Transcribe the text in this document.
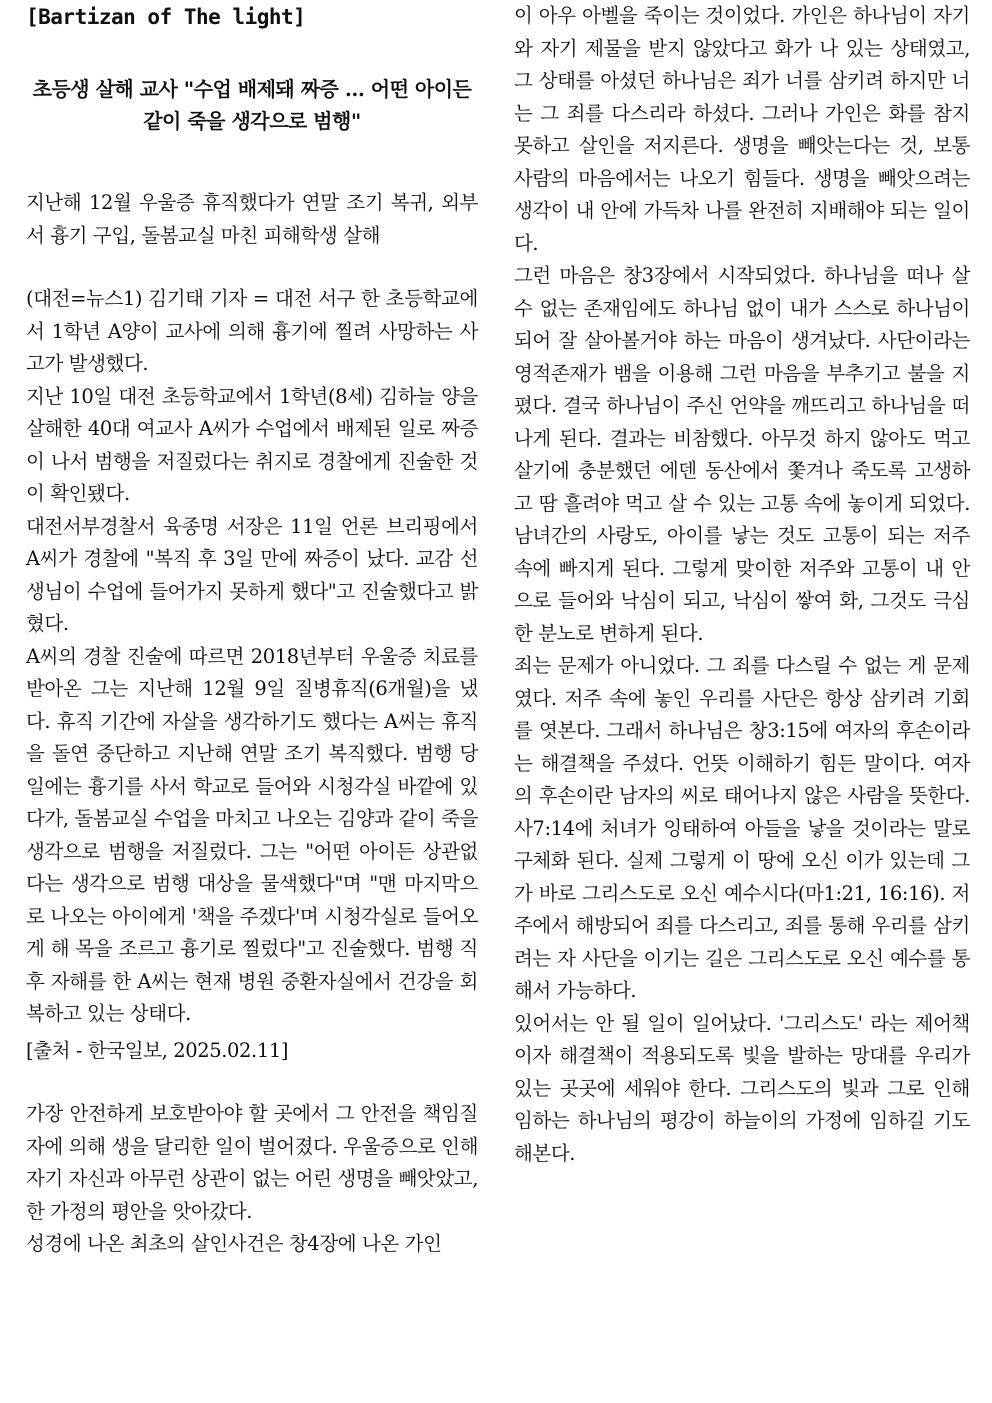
[Bartizan of The light]
초등생 살해 교사 "수업 배제돼 짜증 … 어떤 아이든 같이 죽을 생각으로 범행"

지난해 12월 우울증 휴직했다가 연말 조기 복귀, 외부서 흉기 구입, 돌봄교실 마친 피해학생 살해

(대전=뉴스1) 김기태 기자 = 대전 서구 한 초등학교에서 1학년 A양이 교사에 의해 흉기에 찔려 사망하는 사고가 발생했다.

지난 10일 대전 초등학교에서 1학년(8세) 김하늘 양을 살해한 40대 여교사 A씨가 수업에서 배제된 일로 짜증이 나서 범행을 저질렀다는 취지로 경찰에게 진술한 것이 확인됐다.

대전서부경찰서 육종명 서장은 11일 언론 브리핑에서 A씨가 경찰에 "복직 후 3일 만에 짜증이 났다. 교감 선생님이 수업에 들어가지 못하게 했다"고 진술했다고 밝혔다.

A씨의 경찰 진술에 따르면 2018년부터 우울증 치료를 받아온 그는 지난해 12월 9일 질병휴직(6개월)을 냈다. 휴직 기간에 자살을 생각하기도 했다는 A씨는 휴직을 돌연 중단하고 지난해 연말 조기 복직했다. 범행 당일에는 흉기를 사서 학교로 들어와 시청각실 바깥에 있다가, 돌봄교실 수업을 마치고 나오는 김양과 같이 죽을 생각으로 범행을 저질렀다. 그는 "어떤 아이든 상관없다는 생각으로 범행 대상을 물색했다"며 "맨 마지막으로 나오는 아이에게 '책을 주겠다'며 시청각실로 들어오게 해 목을 조르고 흉기로 찔렀다"고 진술했다. 범행 직후 자해를 한 A씨는 현재 병원 중환자실에서 건강을 회복하고 있는 상태다.

[출처 - 한국일보, 2025.02.11]

가장 안전하게 보호받아야 할 곳에서 그 안전을 책임질 자에 의해 생을 달리한 일이 벌어졌다. 우울증으로 인해 자기 자신과 아무런 상관이 없는 어린 생명을 빼앗았고, 한 가정의 평안을 앗아갔다.

성경에 나온 최초의 살인사건은 창4장에 나온 가인

이 아우 아벨을 죽이는 것이었다. 가인은 하나님이 자기와 자기 제물을 받지 않았다고 화가 나 있는 상태였고, 그 상태를 아셨던 하나님은 죄가 너를 삼키려 하지만 너는 그 죄를 다스리라 하셨다. 그러나 가인은 화를 참지 못하고 살인을 저지른다. 생명을 빼앗는다는 것, 보통 사람의 마음에서는 나오기 힘들다. 생명을 빼앗으려는 생각이 내 안에 가득차 나를 완전히 지배해야 되는 일이다.

그런 마음은 창3장에서 시작되었다. 하나님을 떠나 살 수 없는 존재임에도 하나님 없이 내가 스스로 하나님이 되어 잘 살아볼거야 하는 마음이 생겨났다. 사단이라는 영적존재가 뱀을 이용해 그런 마음을 부추기고 불을 지폈다. 결국 하나님이 주신 언약을 깨뜨리고 하나님을 떠나게 된다. 결과는 비참했다. 아무것 하지 않아도 먹고 살기에 충분했던 에덴 동산에서 쫓겨나 죽도록 고생하고 땀 흘려야 먹고 살 수 있는 고통 속에 놓이게 되었다. 남녀간의 사랑도, 아이를 낳는 것도 고통이 되는 저주 속에 빠지게 된다. 그렇게 맞이한 저주와 고통이 내 안으로 들어와 낙심이 되고, 낙심이 쌓여 화, 그것도 극심한 분노로 변하게 된다.

죄는 문제가 아니었다. 그 죄를 다스릴 수 없는 게 문제였다. 저주 속에 놓인 우리를 사단은 항상 삼키려 기회를 엿본다. 그래서 하나님은 창3:15에 여자의 후손이라는 해결책을 주셨다. 언뜻 이해하기 힘든 말이다. 여자의 후손이란 남자의 씨로 태어나지 않은 사람을 뜻한다. 사7:14에 처녀가 잉태하여 아들을 낳을 것이라는 말로 구체화 된다. 실제 그렇게 이 땅에 오신 이가 있는데 그가 바로 그리스도로 오신 예수시다(마1:21, 16:16). 저주에서 해방되어 죄를 다스리고, 죄를 통해 우리를 삼키려는 자 사단을 이기는 길은 그리스도로 오신 예수를 통해서 가능하다.

있어서는 안 될 일이 일어났다. '그리스도' 라는 제어책이자 해결책이 적용되도록 빛을 발하는 망대를 우리가 있는 곳곳에 세워야 한다. 그리스도의 빛과 그로 인해 임하는 하나님의 평강이 하늘이의 가정에 임하길 기도해본다.
